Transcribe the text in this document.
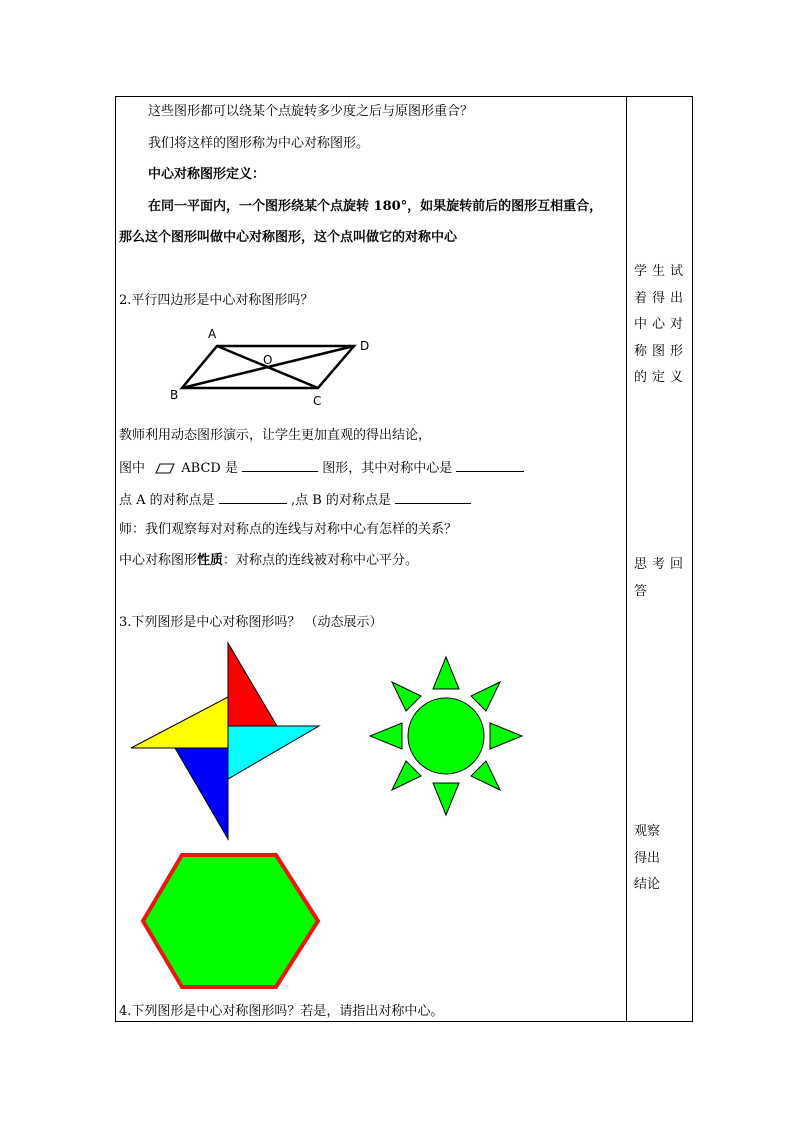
这些图形都可以绕某个点旋转多少度之后与原图形重合？
我们将这样的图形称为中心对称图形。
中心对称图形定义：
在同一平面内，一个图形绕某个点旋转 180°，如果旋转前后的图形互相重合，
那么这个图形叫做中心对称图形，这个点叫做它的对称中心
2.平行四边形是中心对称图形吗？
A
D
O
B	C
教师利用动态图形演示，让学生更加直观的得出结论，
图中	ABCD 是	图形，其中对称中心是
点 A 的对称点是	,点 B 的对称点是
师：我们观察每对对称点的连线与对称中心有怎样的关系？
中心对称图形性质：对称点的连线被对称中心平分。
3.下列图形是中心对称图形吗？ （动态展示）
4.下列图形是中心对称图形吗？若是，请指出对称中心。
学生试着得出中心对称图形的定义
思考回答
观察得出结论
